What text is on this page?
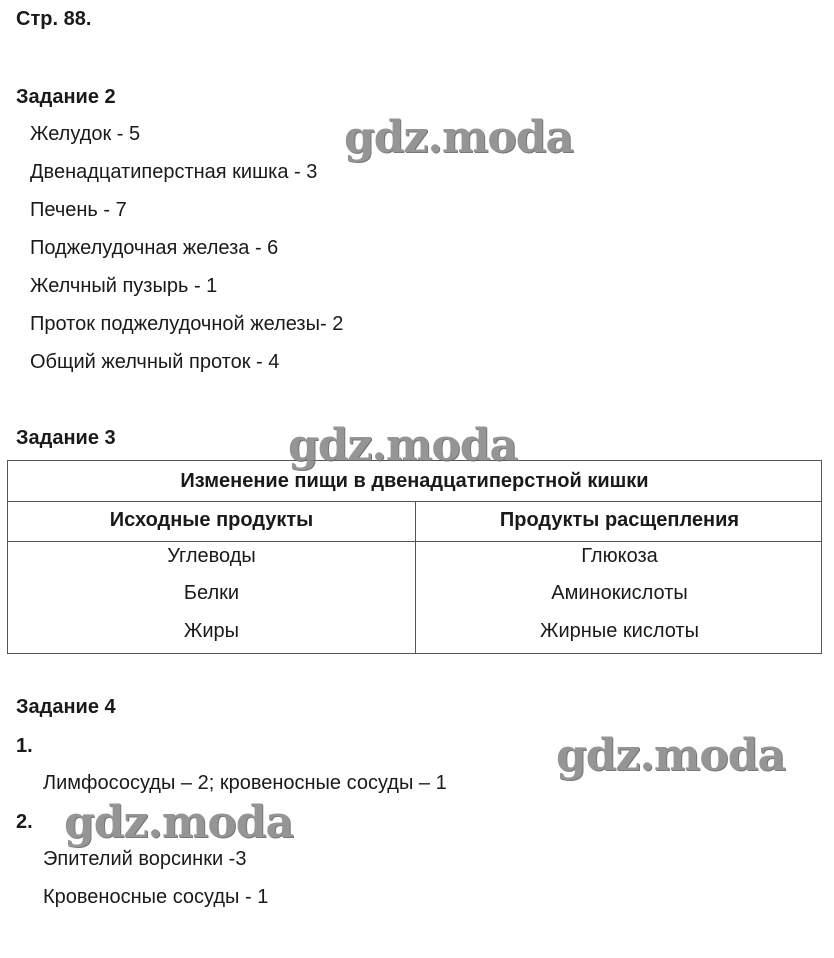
Стр. 88.
Задание 2
Желудок - 5
Двенадцатиперстная кишка - 3
Печень - 7
Поджелудочная железа - 6
Желчный пузырь - 1
Проток поджелудочной железы- 2
Общий желчный проток - 4
Задание 3
Изменение пищи в двенадцатиперстной кишки
Исходные продукты	Продукты расщепления
Углеводы	Глюкоза
Белки	Аминокислоты
Жиры	Жирные кислоты
Задание 4
1.
Лимфососуды – 2; кровеносные сосуды – 1
2.
Эпителий ворсинки -3
Кровеносные сосуды - 1
gdz.moda
gdz.moda
gdz.moda
gdz.moda
